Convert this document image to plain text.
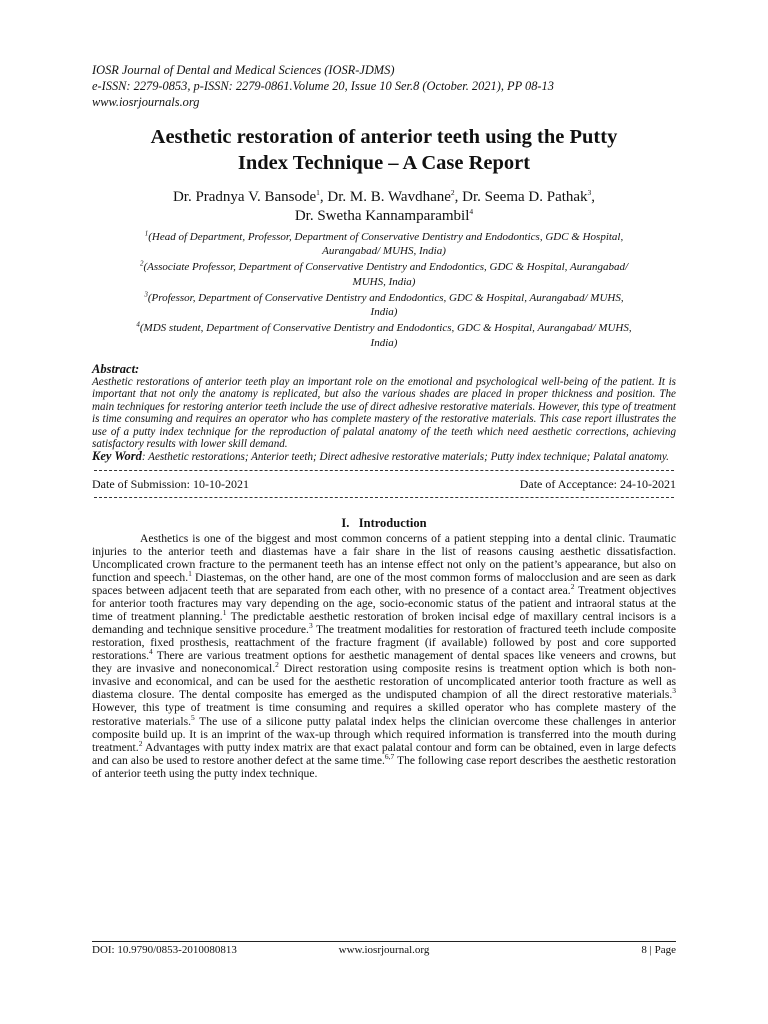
IOSR Journal of Dental and Medical Sciences (IOSR-JDMS)
e-ISSN: 2279-0853, p-ISSN: 2279-0861.Volume 20, Issue 10 Ser.8 (October. 2021), PP 08-13
www.iosrjournals.org
Aesthetic restoration of anterior teeth using the Putty
Index Technique – A Case Report
Dr. Pradnya V. Bansode$^1$, Dr. M. B. Wavdhane$^2$, Dr. Seema D. Pathak$^3$,
Dr. Swetha Kannamparambil$^4$
$^1$(Head of Department, Professor, Department of Conservative Dentistry and Endodontics, GDC & Hospital,
Aurangabad/ MUHS, India)
$^2$(Associate Professor, Department of Conservative Dentistry and Endodontics, GDC & Hospital, Aurangabad/
MUHS, India)
$^3$(Professor, Department of Conservative Dentistry and Endodontics, GDC & Hospital, Aurangabad/ MUHS,
India)
$^4$(MDS student, Department of Conservative Dentistry and Endodontics, GDC & Hospital, Aurangabad/ MUHS,
India)
Abstract:
Aesthetic restorations of anterior teeth play an important role on the emotional and psychological well-being of the patient. It is important that not only the anatomy is replicated, but also the various shades are placed in proper thickness and position. The main techniques for restoring anterior teeth include the use of direct adhesive restorative materials. However, this type of treatment is time consuming and requires an operator who has complete mastery of the restorative materials. This case report illustrates the use of a putty index technique for the reproduction of palatal anatomy of the teeth which need aesthetic corrections, achieving satisfactory results with lower skill demand.
Key Word: Aesthetic restorations; Anterior teeth; Direct adhesive restorative materials; Putty index technique; Palatal anatomy.
Date of Submission: 10-10-2021	Date of Acceptance: 24-10-2021
I.   Introduction

Aesthetics is one of the biggest and most common concerns of a patient stepping into a dental clinic. Traumatic injuries to the anterior teeth and diastemas have a fair share in the list of reasons causing aesthetic dissatisfaction. Uncomplicated crown fracture to the permanent teeth has an intense effect not only on the patient’s appearance, but also on function and speech.$^1$ Diastemas, on the other hand, are one of the most common forms of malocclusion and are seen as dark spaces between adjacent teeth that are separated from each other, with no presence of a contact area.$^2$ Treatment objectives for anterior tooth fractures may vary depending on the age, socio-economic status of the patient and intraoral status at the time of treatment planning.$^1$ The predictable aesthetic restoration of broken incisal edge of maxillary central incisors is a demanding and technique sensitive procedure.$^3$ The treatment modalities for restoration of fractured teeth include composite restoration, fixed prosthesis, reattachment of the fracture fragment (if available) followed by post and core supported restorations.$^4$ There are various treatment options for aesthetic management of dental spaces like veneers and crowns, but they are invasive and noneconomical.$^2$ Direct restoration using composite resins is treatment option which is both non-invasive and economical, and can be used for the aesthetic restoration of uncomplicated anterior tooth fracture as well as diastema closure. The dental composite has emerged as the undisputed champion of all the direct restorative materials.$^3$ However, this type of treatment is time consuming and requires a skilled operator who has complete mastery of the restorative materials.$^5$ The use of a silicone putty palatal index helps the clinician overcome these challenges in anterior composite build up. It is an imprint of the wax-up through which required information is transferred into the mouth during treatment.$^2$ Advantages with putty index matrix are that exact palatal contour and form can be obtained, even in large defects and can also be used to restore another defect at the same time.$^{6,7}$ The following case report describes the aesthetic restoration of anterior teeth using the putty index technique.

DOI: 10.9790/0853-2010080813	www.iosrjournal.org	8 | Page
